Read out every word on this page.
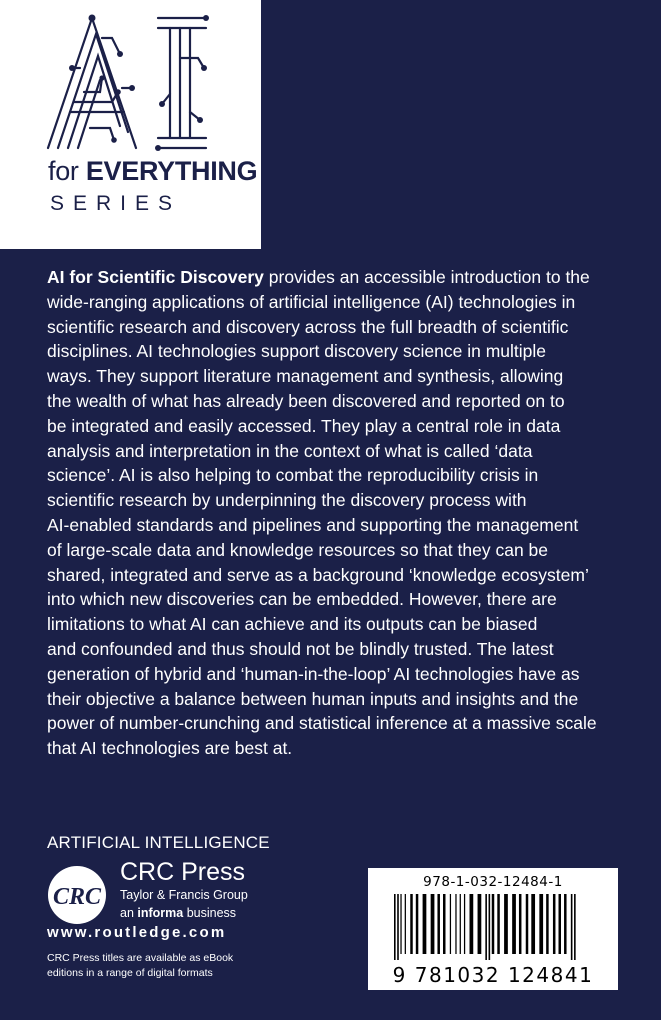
for EVERYTHING
SERIES
AI for Scientific Discovery provides an accessible introduction to the
wide-ranging applications of artificial intelligence (AI) technologies in
scientific research and discovery across the full breadth of scientific
disciplines. AI technologies support discovery science in multiple
ways. They support literature management and synthesis, allowing
the wealth of what has already been discovered and reported on to
be integrated and easily accessed. They play a central role in data
analysis and interpretation in the context of what is called ‘data
science’. AI is also helping to combat the reproducibility crisis in
scientific research by underpinning the discovery process with
AI-enabled standards and pipelines and supporting the management
of large-scale data and knowledge resources so that they can be
shared, integrated and serve as a background ‘knowledge ecosystem’
into which new discoveries can be embedded. However, there are
limitations to what AI can achieve and its outputs can be biased
and confounded and thus should not be blindly trusted. The latest
generation of hybrid and ‘human-in-the-loop’ AI technologies have as
their objective a balance between human inputs and insights and the
power of number-crunching and statistical inference at a massive scale
that AI technologies are best at.
ARTIFICIAL INTELLIGENCE
CRC
CRC Press
Taylor & Francis Group
an informa business
www.routledge.com
CRC Press titles are available as eBook
editions in a range of digital formats
978-1-032-12484-1
9 781032 124841
